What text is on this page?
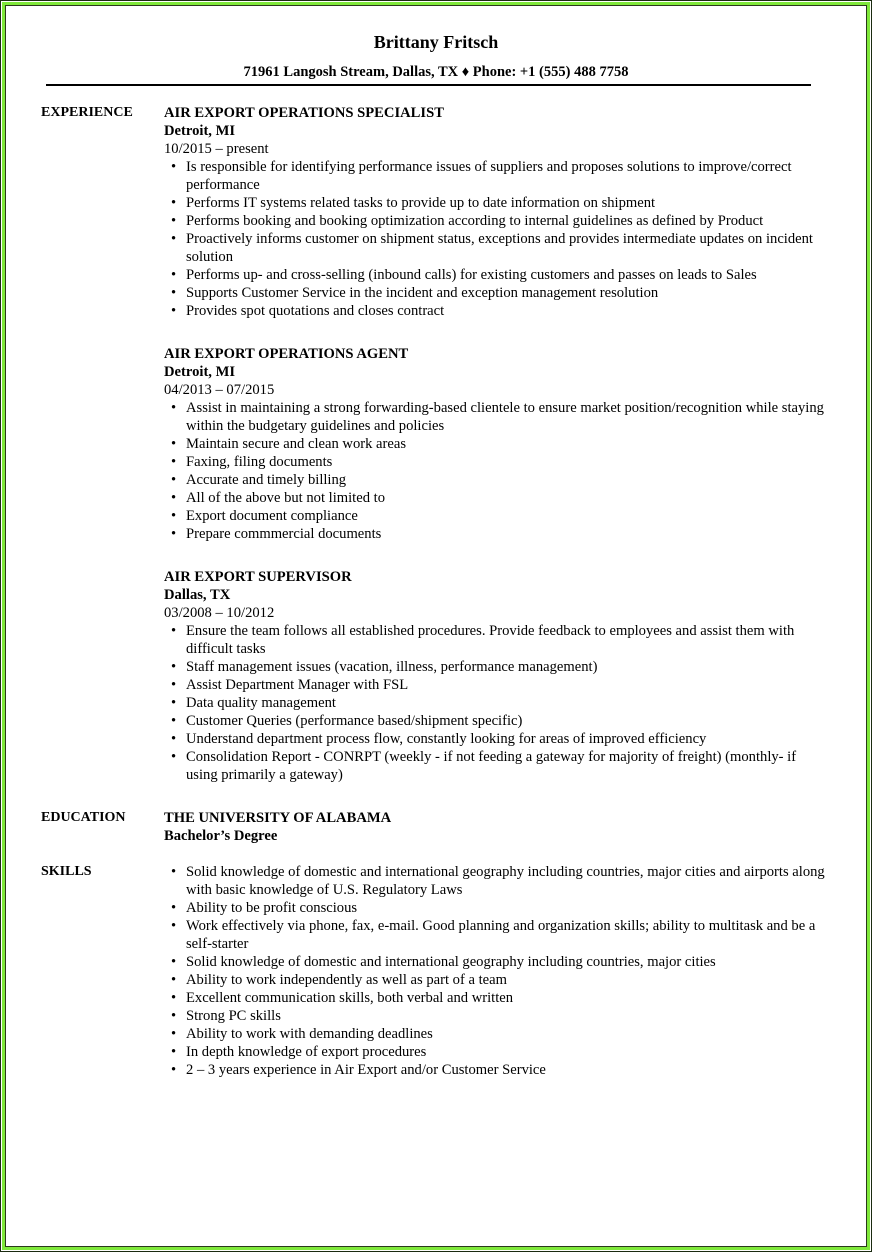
Brittany Fritsch
71961 Langosh Stream, Dallas, TX ♦ Phone: +1 (555) 488 7758
EXPERIENCE	AIR EXPORT OPERATIONS SPECIALIST
Detroit, MI
10/2015 – present
• Is responsible for identifying performance issues of suppliers and proposes solutions to improve/correct performance
• Performs IT systems related tasks to provide up to date information on shipment
• Performs booking and booking optimization according to internal guidelines as defined by Product
• Proactively informs customer on shipment status, exceptions and provides intermediate updates on incident solution
• Performs up- and cross-selling (inbound calls) for existing customers and passes on leads to Sales
• Supports Customer Service in the incident and exception management resolution
• Provides spot quotations and closes contract
AIR EXPORT OPERATIONS AGENT
Detroit, MI
04/2013 – 07/2015
• Assist in maintaining a strong forwarding-based clientele to ensure market position/recognition while staying within the budgetary guidelines and policies
• Maintain secure and clean work areas
• Faxing, filing documents
• Accurate and timely billing
• All of the above but not limited to
• Export document compliance
• Prepare commmercial documents
AIR EXPORT SUPERVISOR
Dallas, TX
03/2008 – 10/2012
• Ensure the team follows all established procedures. Provide feedback to employees and assist them with difficult tasks
• Staff management issues (vacation, illness, performance management)
• Assist Department Manager with FSL
• Data quality management
• Customer Queries (performance based/shipment specific)
• Understand department process flow, constantly looking for areas of improved efficiency
• Consolidation Report - CONRPT (weekly - if not feeding a gateway for majority of freight) (monthly- if using primarily a gateway)
EDUCATION	THE UNIVERSITY OF ALABAMA
Bachelor’s Degree
SKILLS	• Solid knowledge of domestic and international geography including countries, major cities and airports along with basic knowledge of U.S. Regulatory Laws
• Ability to be profit conscious
• Work effectively via phone, fax, e-mail. Good planning and organization skills; ability to multitask and be a self-starter
• Solid knowledge of domestic and international geography including countries, major cities
• Ability to work independently as well as part of a team
• Excellent communication skills, both verbal and written
• Strong PC skills
• Ability to work with demanding deadlines
• In depth knowledge of export procedures
• 2 – 3 years experience in Air Export and/or Customer Service
